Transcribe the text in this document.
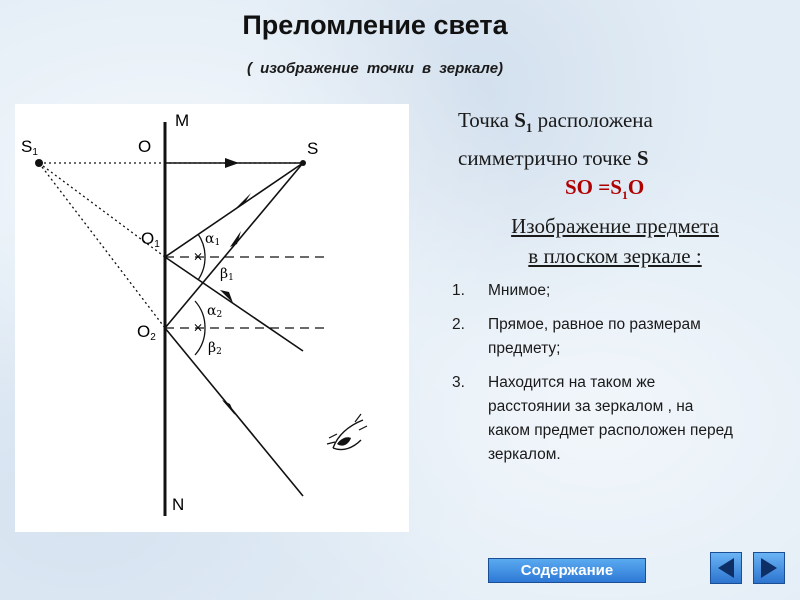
Преломление света
( изображение точки в зеркале)
×
×
M
N
O	S
S1
O1
O2
α1
β1
α2
β2
Точка $S_1$ расположена
симметрично точке S
SO $=S_1O$
Изображение предмета
в плоском зеркале :
1. Мнимое;
2. Прямое, равное по размерам предмету;
3. Находится на таком же расстоянии за зеркалом , на каком предмет расположен перед зеркалом.
Содержание
